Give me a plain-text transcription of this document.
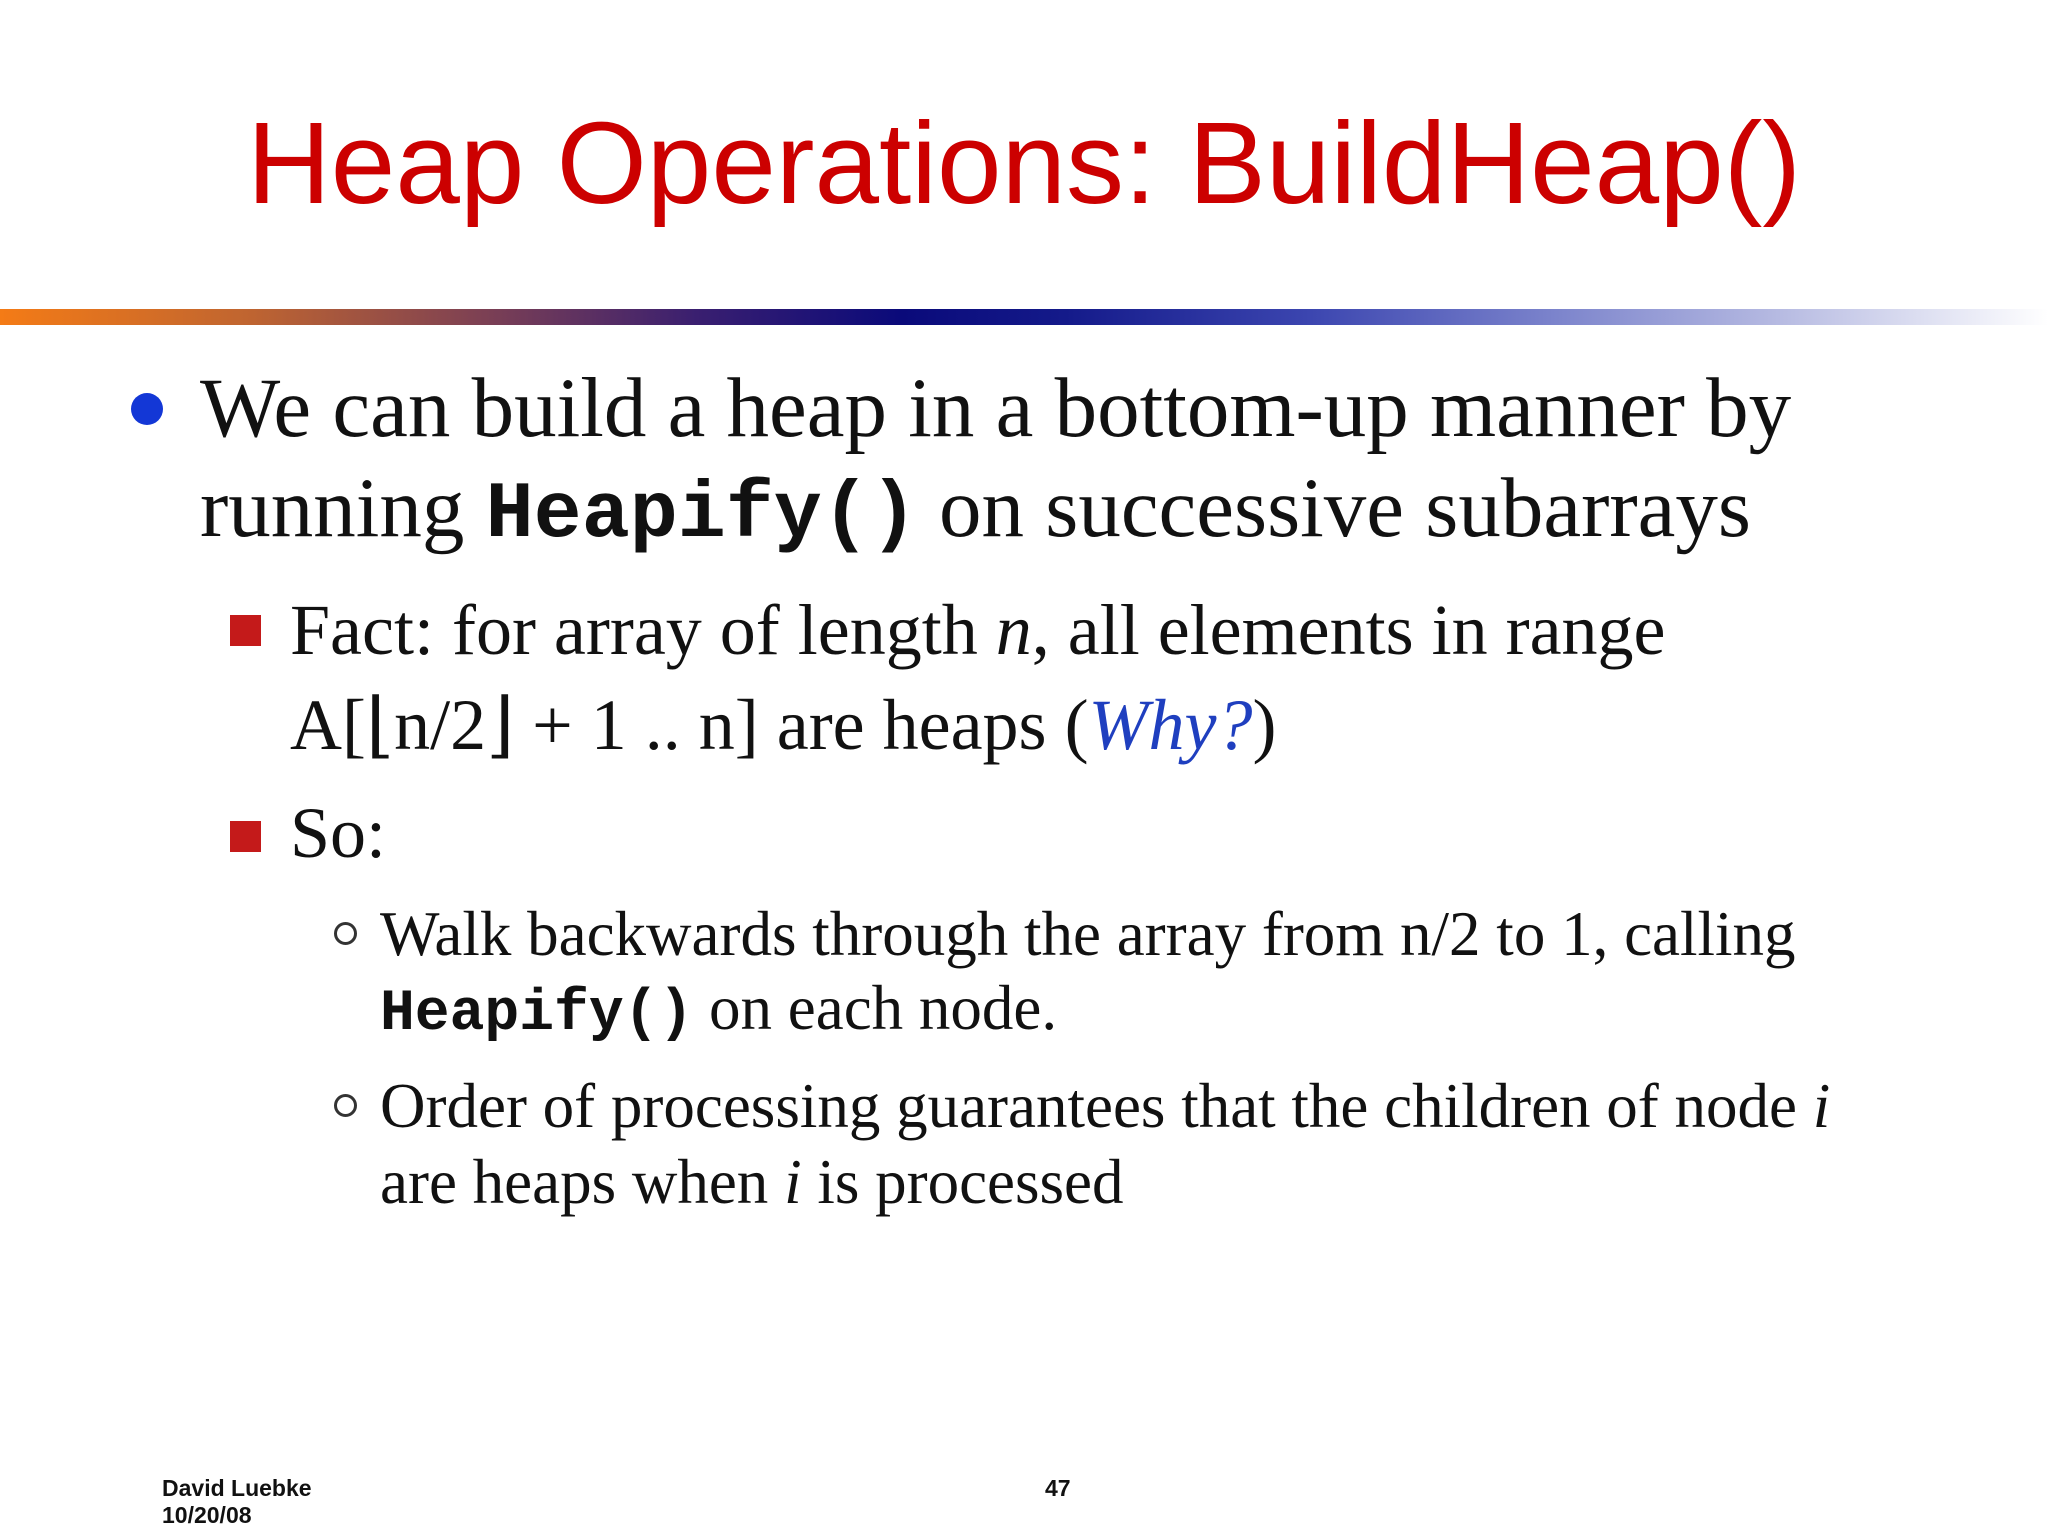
Heap Operations: BuildHeap()
We can build a heap in a bottom-up manner by
running Heapify() on successive subarrays
Fact: for array of length n, all elements in range
A[⌊n/2⌋ + 1 .. n] are heaps (Why?)
So:
Walk backwards through the array from n/2 to 1, calling
Heapify() on each node.
Order of processing guarantees that the children of node i
are heaps when i is processed
David Luebke
10/20/08
47
